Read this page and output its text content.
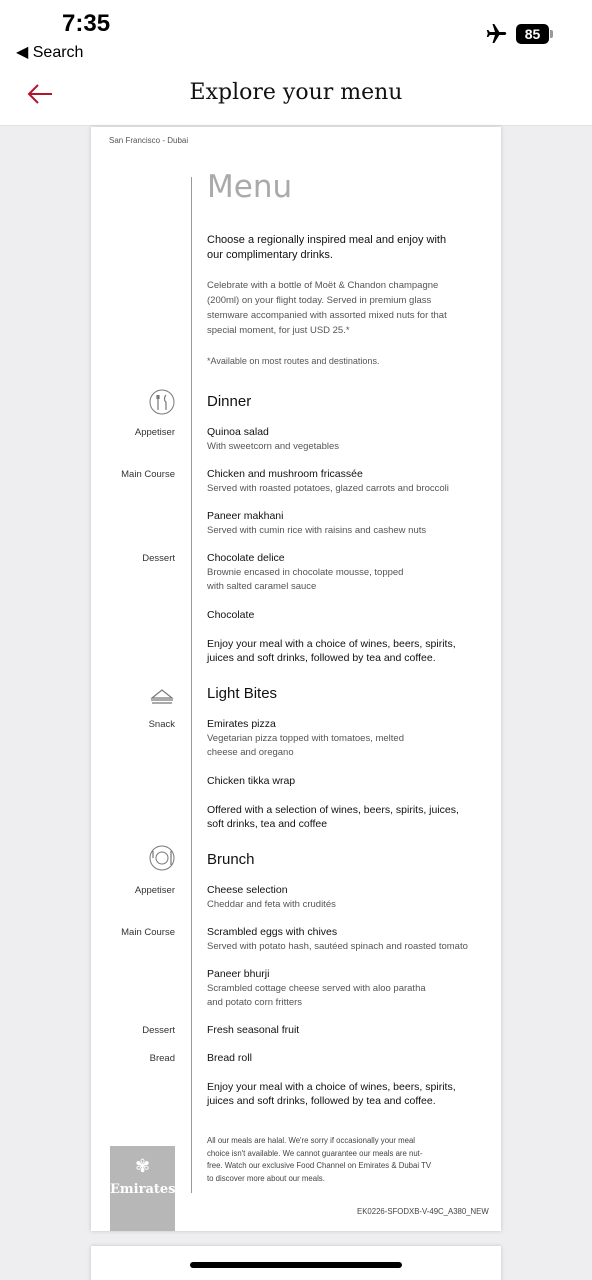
7:35
◀ Search
85
Explore your menu
San Francisco - Dubai
Menu
Choose a regionally inspired meal and enjoy with our complimentary drinks.
Celebrate with a bottle of Moët & Chandon champagne (200ml) on your flight today. Served in premium glass stemware accompanied with assorted mixed nuts for that special moment, for just USD 25.*
*Available on most routes and destinations.
Dinner
Appetiser	Quinoa salad
With sweetcorn and vegetables
Main Course	Chicken and mushroom fricassée
Served with roasted potatoes, glazed carrots and broccoli
Paneer makhani
Served with cumin rice with raisins and cashew nuts
Dessert	Chocolate delice
Brownie encased in chocolate mousse, topped with salted caramel sauce
Chocolate
Enjoy your meal with a choice of wines, beers, spirits, juices and soft drinks, followed by tea and coffee.
Light Bites
Snack	Emirates pizza
Vegetarian pizza topped with tomatoes, melted cheese and oregano
Chicken tikka wrap
Offered with a selection of wines, beers, spirits, juices, soft drinks, tea and coffee
Brunch
Appetiser	Cheese selection
Cheddar and feta with crudités
Main Course	Scrambled eggs with chives
Served with potato hash, sautéed spinach and roasted tomato
Paneer bhurji
Scrambled cottage cheese served with aloo paratha and potato corn fritters
Dessert	Fresh seasonal fruit
Bread	Bread roll
Enjoy your meal with a choice of wines, beers, spirits, juices and soft drinks, followed by tea and coffee.
All our meals are halal. We're sorry if occasionally your meal choice isn't available. We cannot guarantee our meals are nut-free. Watch our exclusive Food Channel on Emirates & Dubai TV to discover more about our meals.
✾
Emirates
EK0226-SFODXB-V-49C_A380_NEW
